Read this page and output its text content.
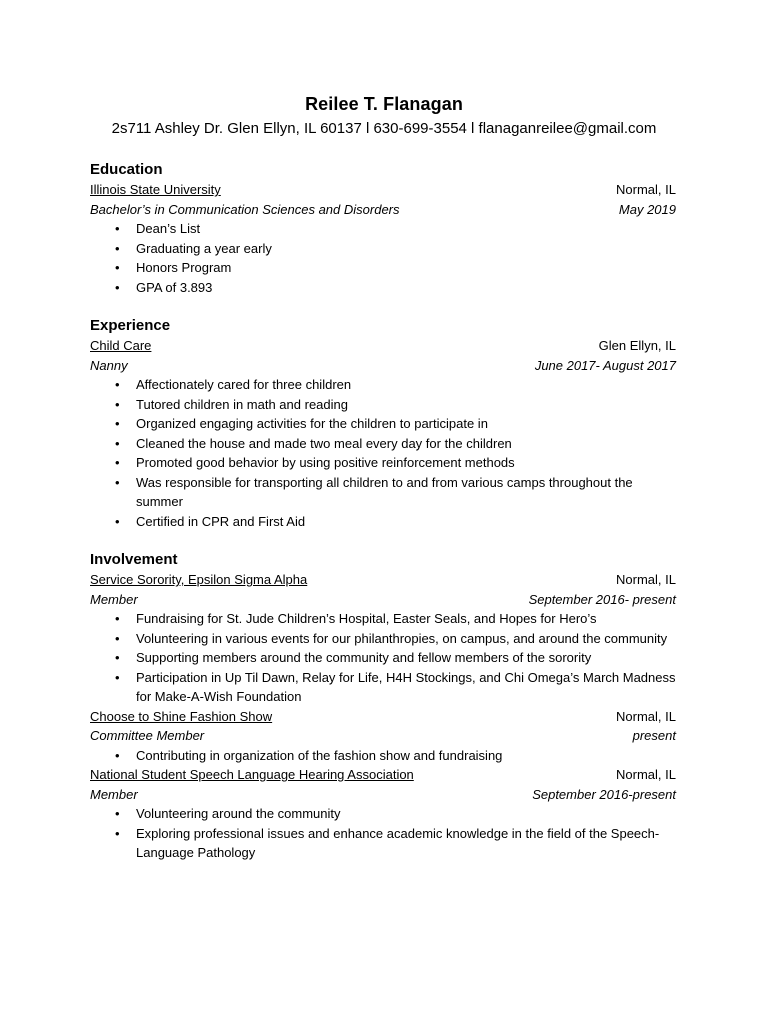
Reilee T. Flanagan
2s711 Ashley Dr. Glen Ellyn, IL 60137 l 630-699-3554 l flanaganreilee@gmail.com
Education
Illinois State University	Normal, IL
Bachelor’s in Communication Sciences and Disorders	May 2019
• Dean’s List
• Graduating a year early
• Honors Program
• GPA of 3.893
Experience
Child Care	Glen Ellyn, IL
Nanny	June 2017- August 2017
• Affectionately cared for three children
• Tutored children in math and reading
• Organized engaging activities for the children to participate in
• Cleaned the house and made two meal every day for the children
• Promoted good behavior by using positive reinforcement methods
• Was responsible for transporting all children to and from various camps throughout the summer
• Certified in CPR and First Aid
Involvement
Service Sorority, Epsilon Sigma Alpha	Normal, IL
Member	September 2016- present
• Fundraising for St. Jude Children’s Hospital, Easter Seals, and Hopes for Hero’s
• Volunteering in various events for our philanthropies, on campus, and around the community
• Supporting members around the community and fellow members of the sorority
• Participation in Up Til Dawn, Relay for Life, H4H Stockings, and Chi Omega’s March Madness for Make-A-Wish Foundation
Choose to Shine Fashion Show	Normal, IL
Committee Member	present
• Contributing in organization of the fashion show and fundraising
National Student Speech Language Hearing Association	Normal, IL
Member	September 2016-present
• Volunteering around the community
• Exploring professional issues and enhance academic knowledge in the field of the Speech- Language Pathology
